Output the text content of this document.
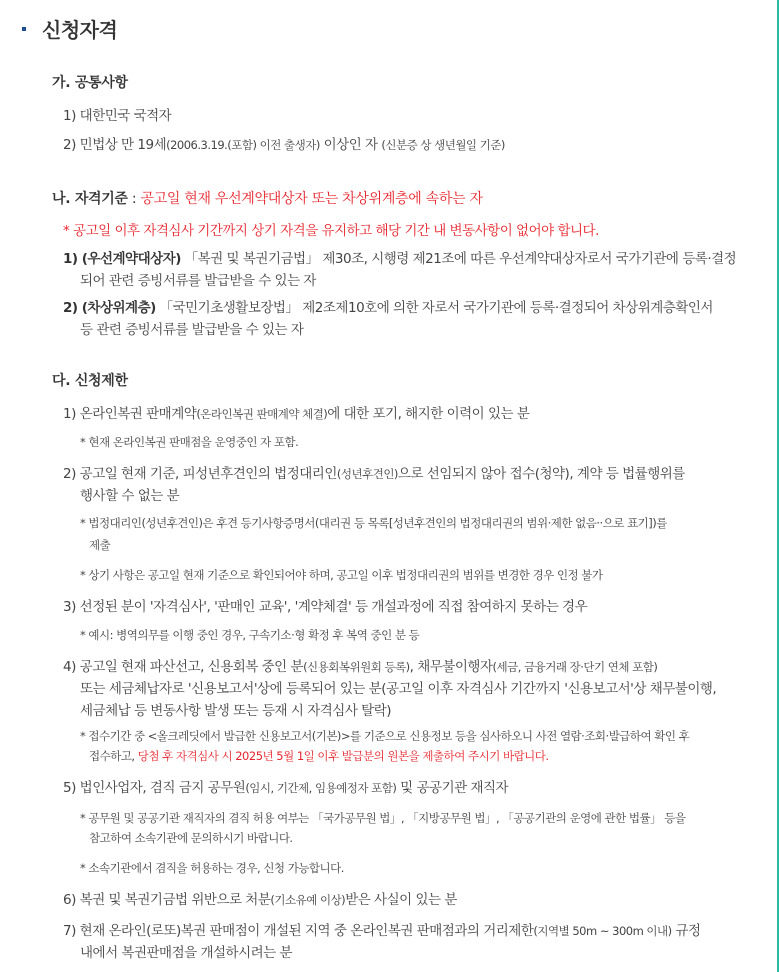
신청자격
가. 공통사항
1) 대한민국 국적자
2) 민법상 만 19세(2006.3.19.(포함) 이전 출생자) 이상인 자 (신분증 상 생년월일 기준)
나. 자격기준 : 공고일 현재 우선계약대상자 또는 차상위계층에 속하는 자
* 공고일 이후 자격심사 기간까지 상기 자격을 유지하고 해당 기간 내 변동사항이 없어야 합니다.
1) (우선계약대상자) 「복권 및 복권기금법」 제30조, 시행령 제21조에 따른 우선계약대상자로서 국가기관에 등록·결정
되어 관련 증빙서류를 발급받을 수 있는 자
2) (차상위계층) 「국민기초생활보장법」 제2조제10호에 의한 자로서 국가기관에 등록·결정되어 차상위계층확인서
등 관련 증빙서류를 발급받을 수 있는 자
다. 신청제한
1) 온라인복권 판매계약(온라인복권 판매계약 체결)에 대한 포기, 해지한 이력이 있는 분
* 현재 온라인복권 판매점을 운영중인 자 포함.
2) 공고일 현재 기준, 피성년후견인의 법정대리인(성년후견인)으로 선임되지 않아 접수(청약), 계약 등 법률행위를
행사할 수 없는 분
* 법정대리인(성년후견인)은 후견 등기사항증명서(대리권 등 목록[성년후견인의 법정대리권의 범위·제한 없음··으로 표기])를
제출
* 상기 사항은 공고일 현재 기준으로 확인되어야 하며, 공고일 이후 법정대리권의 범위를 변경한 경우 인정 불가
3) 선정된 분이 '자격심사', '판매인 교육', '계약체결' 등 개설과정에 직접 참여하지 못하는 경우
* 예시: 병역의무를 이행 중인 경우, 구속기소·형 확정 후 복역 중인 분 등
4) 공고일 현재 파산선고, 신용회복 중인 분(신용회복위원회 등록), 채무불이행자(세금, 금융거래 장·단기 연체 포함)
또는 세금체납자로 '신용보고서'상에 등록되어 있는 분(공고일 이후 자격심사 기간까지 '신용보고서'상 채무불이행,
세금체납 등 변동사항 발생 또는 등재 시 자격심사 탈락)
* 접수기간 중 <올크레딧에서 발급한 신용보고서(기본)>를 기준으로 신용정보 등을 심사하오니 사전 열람·조회·발급하여 확인 후
접수하고, 당첨 후 자격심사 시 2025년 5월 1일 이후 발급분의 원본을 제출하여 주시기 바랍니다.
5) 법인사업자, 겸직 금지 공무원(임시, 기간제, 임용예정자 포함) 및 공공기관 재직자
* 공무원 및 공공기관 재직자의 겸직 허용 여부는 「국가공무원 법」, 「지방공무원 법」, 「공공기관의 운영에 관한 법률」 등을
참고하여 소속기관에 문의하시기 바랍니다.
* 소속기관에서 겸직을 허용하는 경우, 신청 가능합니다.
6) 복권 및 복권기금법 위반으로 처분(기소유예 이상)받은 사실이 있는 분
7) 현재 온라인(로또)복권 판매점이 개설된 지역 중 온라인복권 판매점과의 거리제한(지역별 50m ~ 300m 이내) 규정
내에서 복권판매점을 개설하시려는 분
